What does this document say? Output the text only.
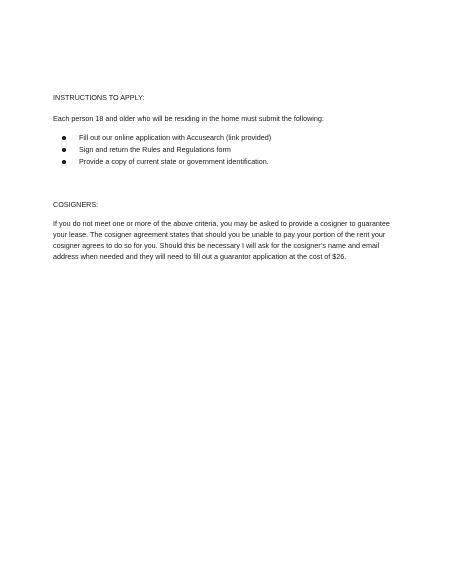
INSTRUCTIONS TO APPLY:

Each person 18 and older who will be residing in the home must submit the following:

Fill out our online application with Accusearch (link provided)
Sign and return the Rules and Regulations form
Provide a copy of current state or government identification.

COSIGNERS:

If you do not meet one or more of the above criteria, you may be asked to provide a cosigner to guarantee your lease. The cosigner agreement states that should you be unable to pay your portion of the rent your cosigner agrees to do so for you. Should this be necessary I will ask for the cosigner’s name and email address when needed and they will need to fill out a guarantor application at the cost of $26.
